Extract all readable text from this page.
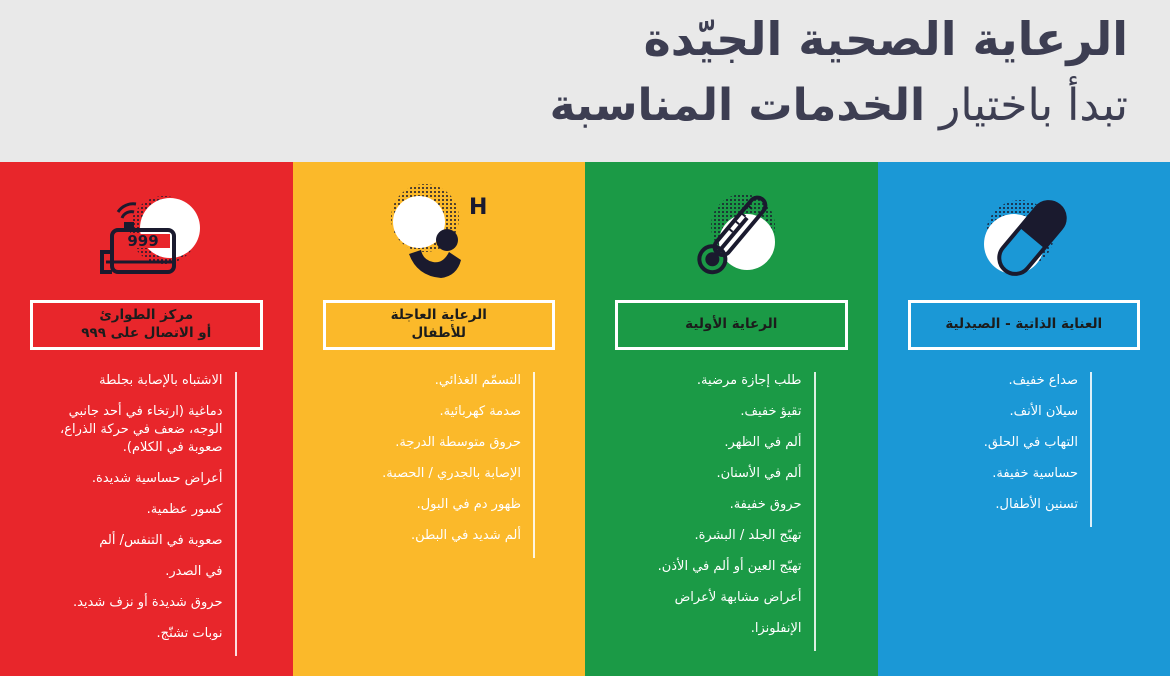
الرعاية الصحية الجيّدة
تبدأ باختيار الخدمات المناسبة
999
مركز الطوارئ
أو الاتصال على ٩٩٩
الاشتباه بالإصابة بجلطة
دماغية (ارتخاء في أحد جانبي الوجه، ضعف في حركة الذراع، صعوبة في الكلام).
أعراض حساسية شديدة.
كسور عظمية.
صعوبة في التنفس/ ألم
في الصدر.
حروق شديدة أو نزف شديد.
نوبات تشنّج.
H
الرعاية العاجلة
للأطفال
التسمّم الغذائي.
صدمة كهربائية.
حروق متوسطة الدرجة.
الإصابة بالجدري / الحصبة.
ظهور دم في البول.
ألم شديد في البطن.
الرعاية الأولية
طلب إجازة مرضية.
تقيؤ خفيف.
ألم في الظهر.
ألم في الأسنان.
حروق خفيفة.
تهيّج الجلد / البشرة.
تهيّج العين أو ألم في الأذن.
أعراض مشابهة لأعراض
الإنفلونزا.
العناية الذاتية - الصيدلية
صداع خفيف.
سيلان الأنف.
التهاب في الحلق.
حساسية خفيفة.
تسنين الأطفال.
